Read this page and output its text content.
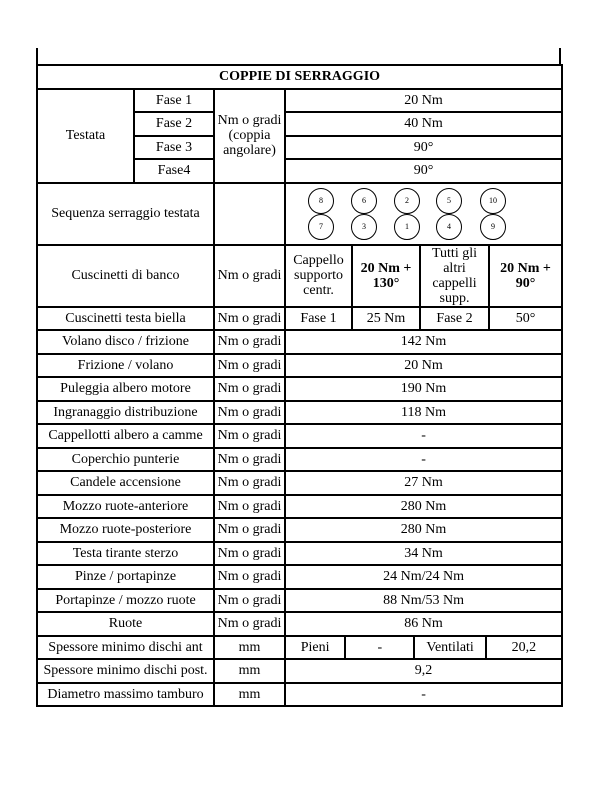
COPPIE DI SERRAGGIO
Testata	Fase 1	Nm o gradi (coppia angolare)	20 Nm
Fase 2	40 Nm
Fase 3	90°
Fase4	90°
Sequenza serraggio testata		
8	6	2	5	10
7	3	1	4	9

Cuscinetti di banco	Nm o gradi	Cappello supporto centr.	20 Nm + 130°	Tutti gli altri cappelli supp.	20 Nm + 90°
Cuscinetti testa biella	Nm o gradi	Fase 1	25 Nm	Fase 2	50°
Volano disco / frizione	Nm o gradi	142 Nm
Frizione / volano	Nm o gradi	20 Nm
Puleggia albero motore	Nm o gradi	190 Nm
Ingranaggio distribuzione	Nm o gradi	118 Nm
Cappellotti albero a camme	Nm o gradi	-
Coperchio punterie	Nm o gradi	-
Candele accensione	Nm o gradi	27 Nm
Mozzo ruote-anteriore	Nm o gradi	280 Nm
Mozzo ruote-posteriore	Nm o gradi	280 Nm
Testa tirante sterzo	Nm o gradi	34 Nm
Pinze / portapinze	Nm o gradi	24 Nm/24 Nm
Portapinze / mozzo ruote	Nm o gradi	88 Nm/53 Nm
Ruote	Nm o gradi	86 Nm
Spessore minimo dischi ant	mm		Pieni	-	Ventilati	20,2

Spessore minimo dischi post.	mm	9,2
Diametro massimo tamburo	mm	-
